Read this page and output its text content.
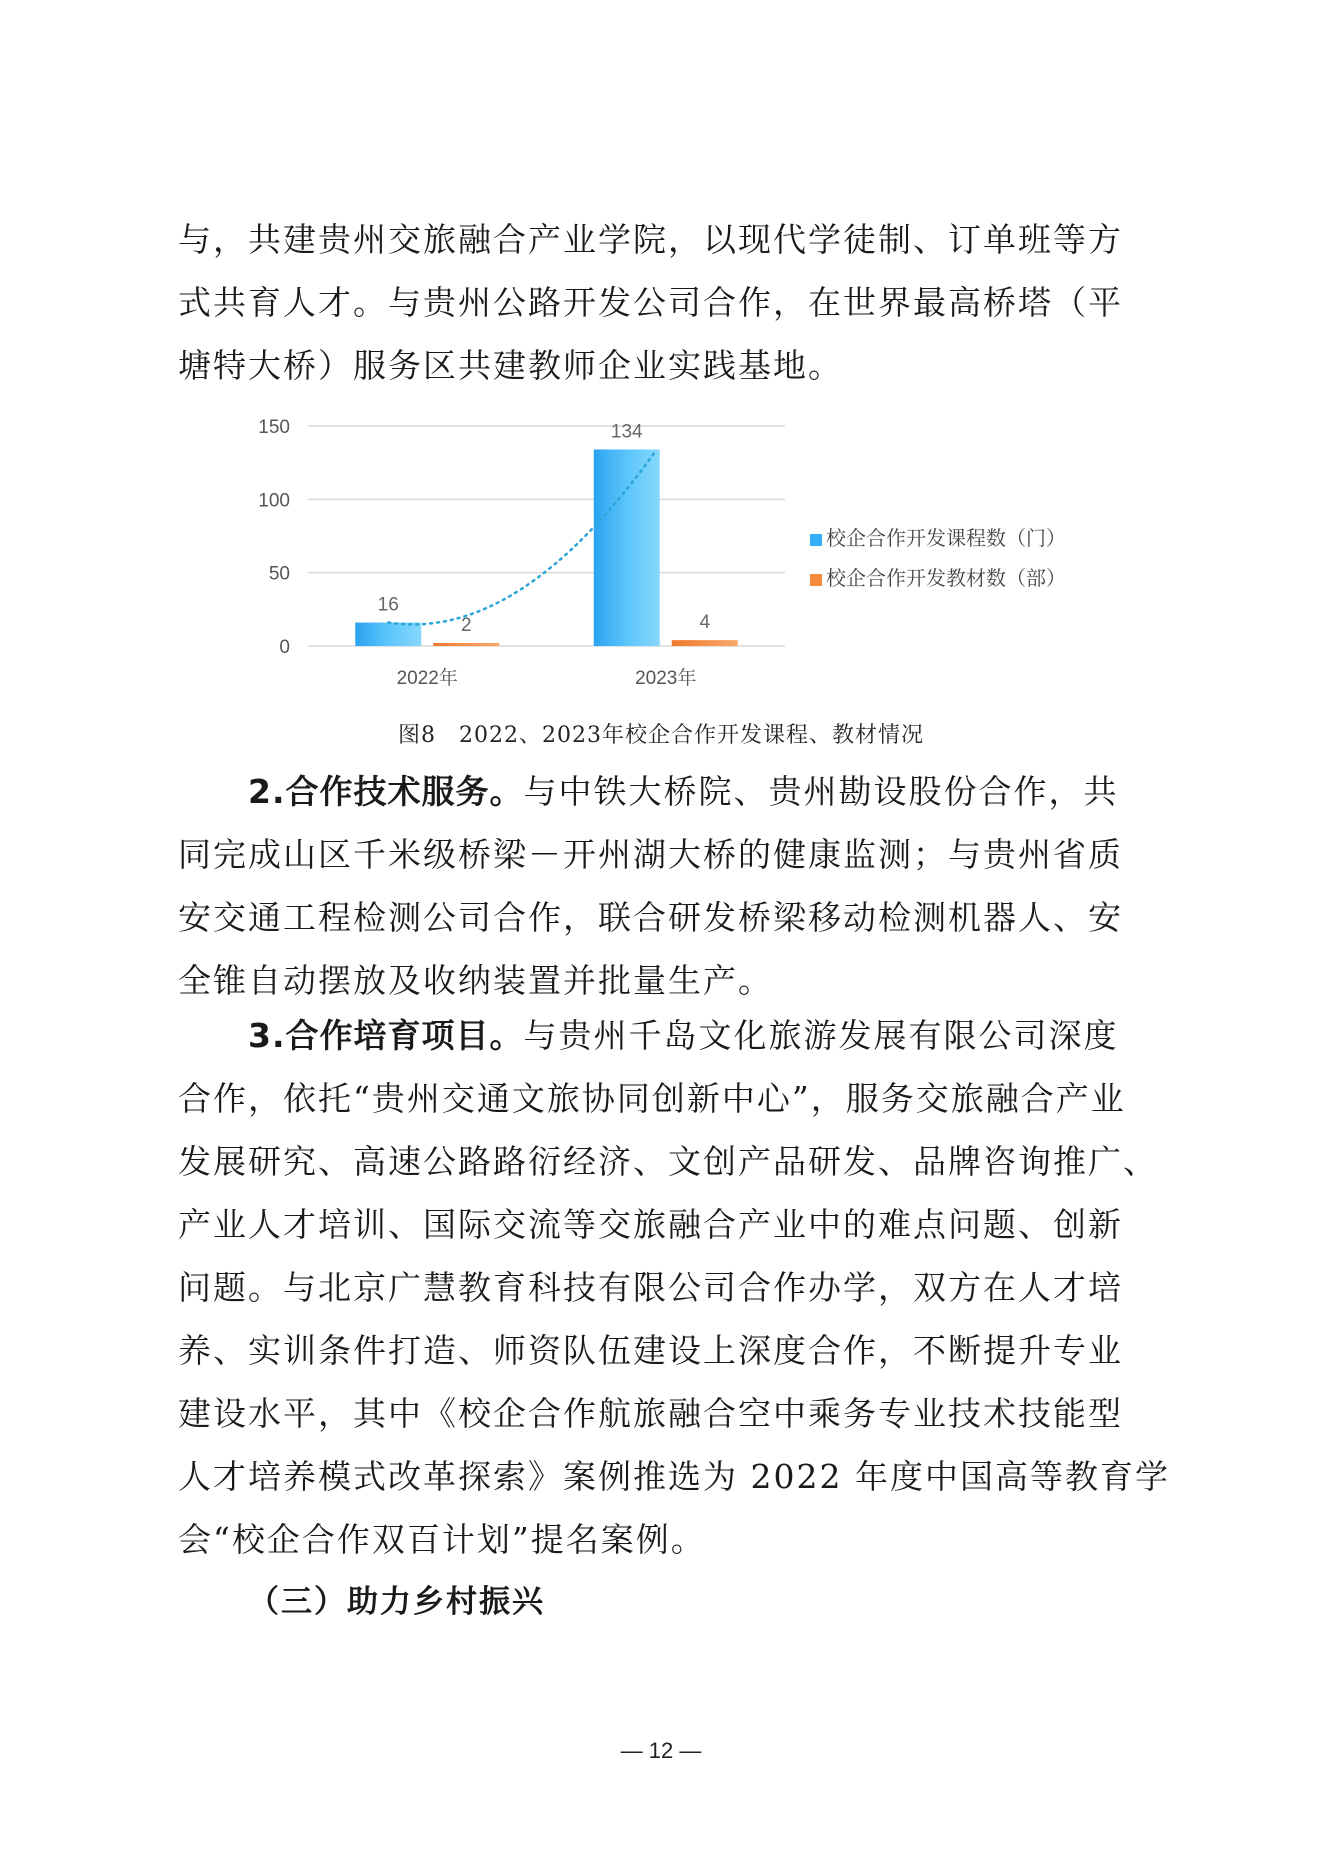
与，共建贵州交旅融合产业学院，以现代学徒制、订单班等方
式共育人才。与贵州公路开发公司合作，在世界最高桥塔（平
塘特大桥）服务区共建教师企业实践基地。
0
50
100
150
16
2
2022年
134
4
2023年
校企合作开发课程数（门）
校企合作开发教材数（部）
图8　2022、2023年校企合作开发课程、教材情况
2.合作技术服务。与中铁大桥院、贵州勘设股份合作，共
同完成山区千米级桥梁－开州湖大桥的健康监测；与贵州省质
安交通工程检测公司合作，联合研发桥梁移动检测机器人、安
全锥自动摆放及收纳装置并批量生产。
3.合作培育项目。与贵州千岛文化旅游发展有限公司深度
合作，依托“贵州交通文旅协同创新中心”，服务交旅融合产业
发展研究、高速公路路衍经济、文创产品研发、品牌咨询推广、
产业人才培训、国际交流等交旅融合产业中的难点问题、创新
问题。与北京广慧教育科技有限公司合作办学，双方在人才培
养、实训条件打造、师资队伍建设上深度合作，不断提升专业
建设水平，其中《校企合作航旅融合空中乘务专业技术技能型
人才培养模式改革探索》案例推选为 2022 年度中国高等教育学
会“校企合作双百计划”提名案例。
（三）助力乡村振兴
— 12 —
